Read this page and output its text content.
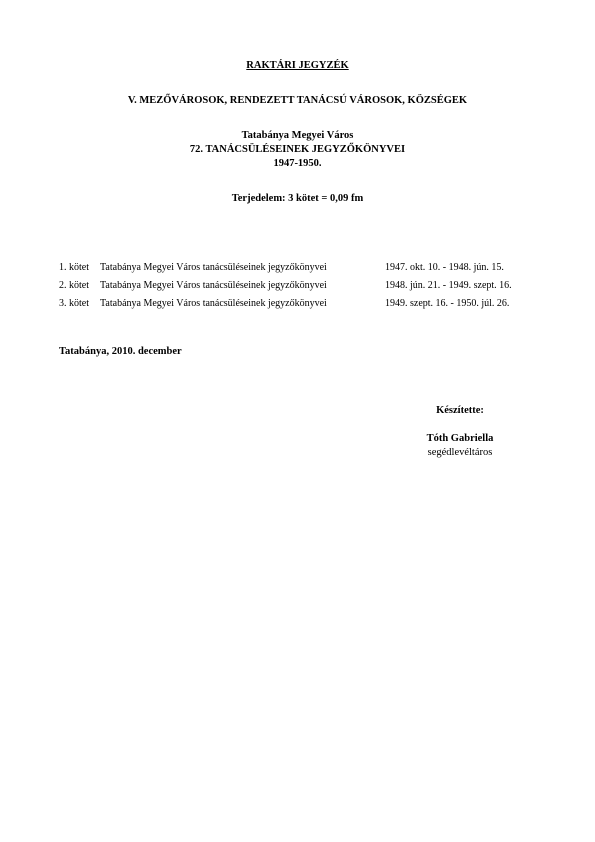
RAKTÁRI JEGYZÉK
V. MEZŐVÁROSOK, RENDEZETT TANÁCSÚ VÁROSOK, KÖZSÉGEK
Tatabánya Megyei Város
72. TANÁCSÜLÉSEINEK JEGYZŐKÖNYVEI
1947-1950.
Terjedelem: 3 kötet = 0,09 fm
1. kötet Tatabánya Megyei Város tanácsüléseinek jegyzőkönyvei	1947. okt. 10. - 1948. jún. 15.
2. kötet Tatabánya Megyei Város tanácsüléseinek jegyzőkönyvei	1948. jún. 21. - 1949. szept. 16.
3. kötet Tatabánya Megyei Város tanácsüléseinek jegyzőkönyvei	1949. szept. 16. - 1950. júl. 26.
Tatabánya, 2010. december
Készítette:
Tóth Gabriella
segédlevéltáros
